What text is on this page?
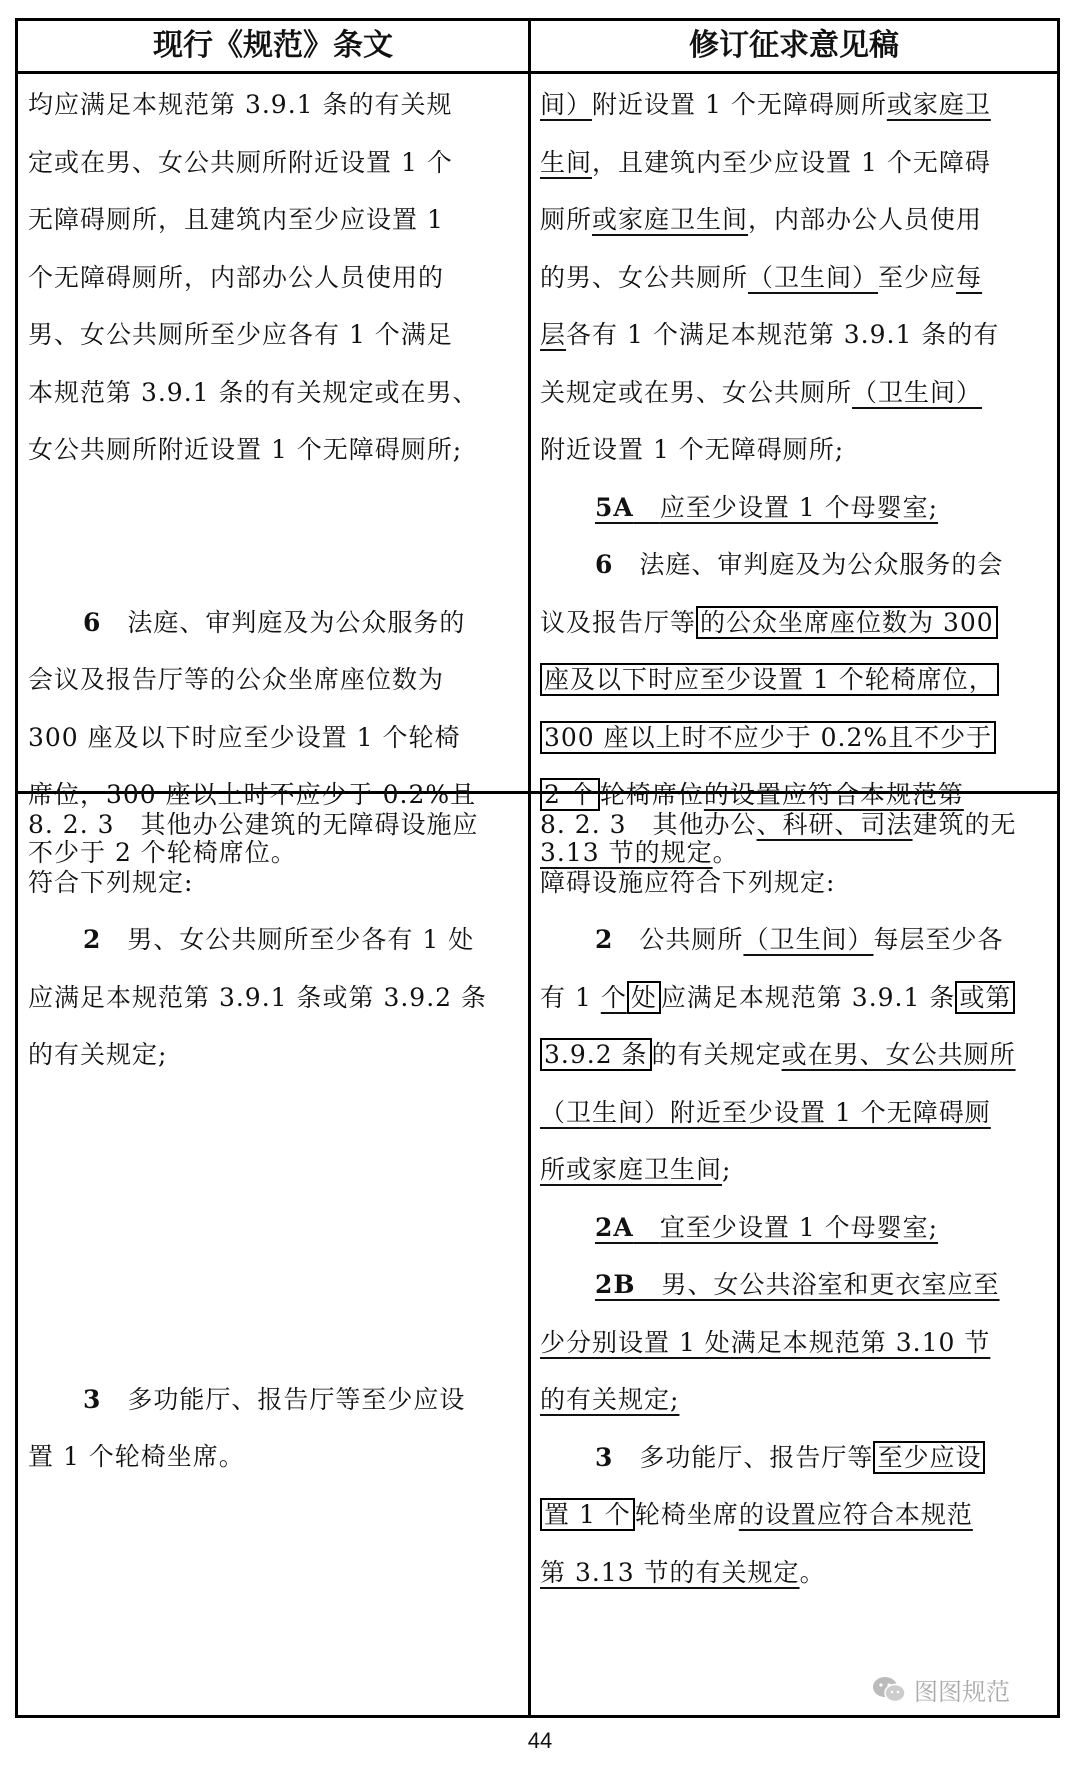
现行《规范》条文	修订征求意见稿

均应满足本规范第 3.9.1 条的有关规

定或在男、女公共厕所附近设置 1 个

无障碍厕所，且建筑内至少应设置 1

个无障碍厕所，内部办公人员使用的

男、女公共厕所至少应各有 1 个满足

本规范第 3.9.1 条的有关规定或在男、

女公共厕所附近设置 1 个无障碍厕所;

6　 法庭、审判庭及为公众服务的

会议及报告厅等的公众坐席座位数为

300 座及以下时应至少设置 1 个轮椅

席位，300 座以上时不应少于 0.2%且

不少于 2 个轮椅席位。

间）附近设置 1 个无障碍厕所或家庭卫

生间，且建筑内至少应设置 1 个无障碍

厕所或家庭卫生间，内部办公人员使用

的男、女公共厕所（卫生间）至少应每

层各有 1 个满足本规范第 3.9.1 条的有

关规定或在男、女公共厕所（卫生间）

附近设置 1 个无障碍厕所;

5A　 应至少设置 1 个母婴室;

6　 法庭、审判庭及为公众服务的会

议及报告厅等 的公众坐席座位数为 300

座及以下时应至少设置 1 个轮椅席位，

300 座以上时不应少于 0.2%且不少于

2 个 轮椅席位的设置应符合本规范第

3.13 节的规定。

8. 2. 3　其他办公建筑的无障碍设施应

符合下列规定:

2　 男、女公共厕所至少各有 1 处

应满足本规范第 3.9.1 条或第 3.9.2 条

的有关规定;

3　 多功能厅、报告厅等至少应设

置 1 个轮椅坐席。

8. 2. 3　其他办公、科研、司法建筑的无

障碍设施应符合下列规定:

2　 公共厕所（卫生间）每层至少各

有 1 个 处 应满足本规范第 3.9.1 条 或第

3.9.2 条 的有关规定或在男、女公共厕所

（卫生间）附近至少设置 1 个无障碍厕

所或家庭卫生间;

2A　 宜至少设置 1 个母婴室;

2B　 男、女公共浴室和更衣室应至

少分别设置 1 处满足本规范第 3.10 节

的有关规定;

3　 多功能厅、报告厅等 至少应设

置 1 个 轮椅坐席的设置应符合本规范

第 3.13 节的有关规定。

图图规范
44
